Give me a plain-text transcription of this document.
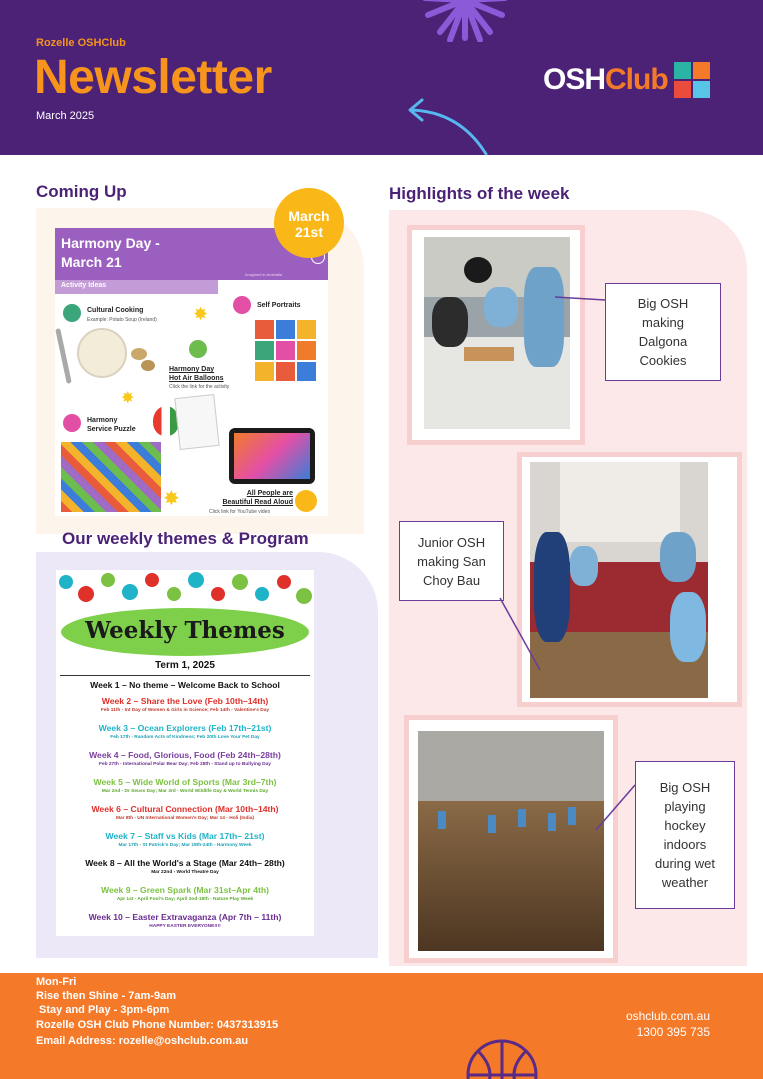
Rozelle OSHClub
Newsletter
March 2025
OSHClub
Coming Up
Harmony Day -
March 21
Imagined in Australia
Activity Ideas
Cultural Cooking
Example: Potato Soup (Ireland)
Self Portraits
Harmony Day
Hot Air Balloons
Click the link for the activity
Harmony
Service Puzzle
All People are
Beautiful Read Aloud
Click link for YouTube video
✸
✸
✸
March
21st
Our weekly themes & Program
Weekly Themes
Term 1, 2025
Week 1 – No theme – Welcome Back to School
Week 2 – Share the Love (Feb 10th–14th)
Feb 11th - Int Day of Women & Girls in Science; Feb 14th - Valentine's Day
Week 3 – Ocean Explorers (Feb 17th–21st)
Feb 17th - Random Acts of Kindness; Feb 20th Love Your Pet Day
Week 4 – Food, Glorious, Food (Feb 24th–28th)
Feb 27th - International Polar Bear Day; Feb 28th - Stand up to Bullying Day
Week 5 – Wide World of Sports (Mar 3rd–7th)
Mar 2nd - Dr Seuss Day; Mar 3rd - World Wildlife Day & World Tennis Day
Week 6 – Cultural Connection (Mar 10th–14th)
Mar 8th - UN International Women's Day; Mar 14 - Holi (India)
Week 7 – Staff vs Kids (Mar 17th– 21st)
Mar 17th - St Patrick's Day; Mar 18th-24th - Harmony Week
Week 8 – All the World's a Stage (Mar 24th– 28th)
Mar 22nd - World Theatre Day
Week 9 – Green Spark (Mar 31st–Apr 4th)
Apr 1st - April Fool's Day; April 2nd-18th - Nature Play Week
Week 10 – Easter Extravaganza (Apr 7th – 11th)
HAPPY EASTER EVERYONE!!!!
Highlights of the week
Big OSH
making
Dalgona
Cookies
Junior OSH
making San
Choy Bau
Big OSH
playing
hockey
indoors
during wet
weather
Mon-Fri
Rise then Shine - 7am-9am
Stay and Play - 3pm-6pm
Rozelle OSH Club Phone Number: 0437313915
Email Address: rozelle@oshclub.com.au
oshclub.com.au
1300 395 735
